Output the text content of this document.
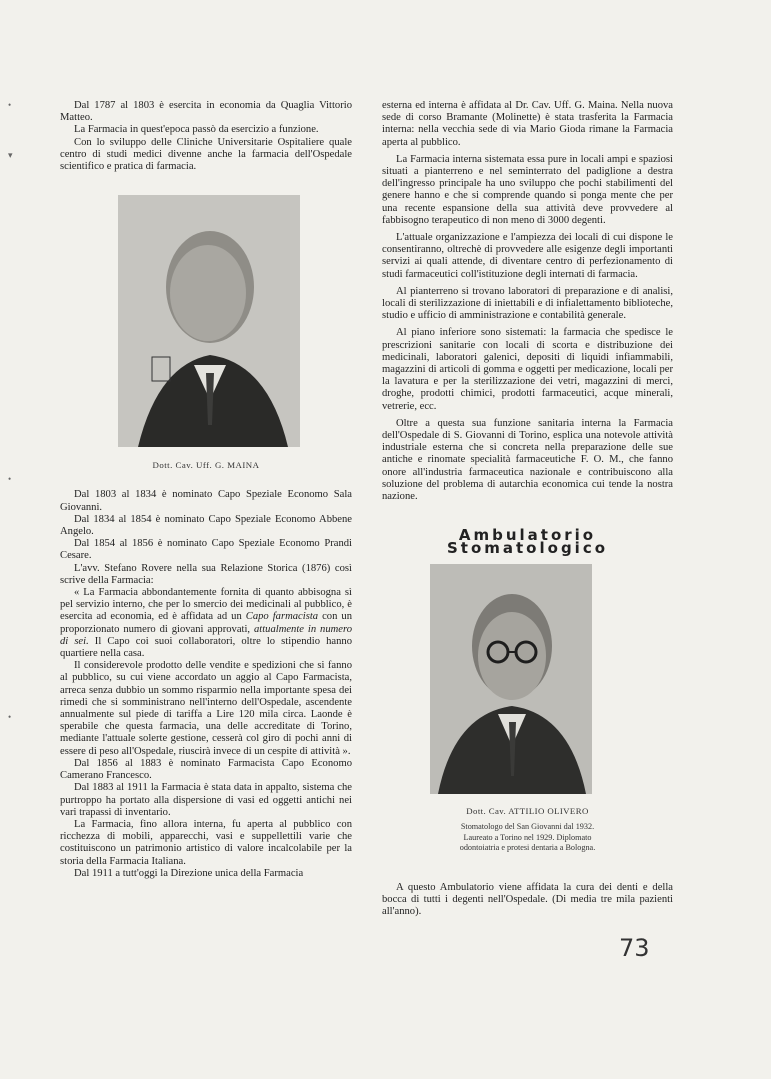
•
▾
•
•

Dal 1787 al 1803 è esercita in economia da Quaglia Vittorio Matteo.

La Farmacia in quest'epoca passò da esercizio a funzione.

Con lo sviluppo delle Cliniche Universitarie Ospitaliere quale centro di studi medici divenne anche la farmacia dell'Ospedale scientifico e pratica di farmacia.

Dott. Cav. Uff. G. MAINA

Dal 1803 al 1834 è nominato Capo Speziale Economo Sala Giovanni.

Dal 1834 al 1854 è nominato Capo Speziale Economo Abbene Angelo.

Dal 1854 al 1856 è nominato Capo Speziale Economo Prandi Cesare.

L'avv. Stefano Rovere nella sua Relazione Storica (1876) così scrive della Farmacia:

« La Farmacia abbondantemente fornita di quanto abbisogna sì pel servizio interno, che per lo smercio dei medicinali al pubblico, è esercita ad economia, ed è affidata ad un Capo farmacista con un proporzionato numero di giovani approvati, attualmente in numero di sei. Il Capo coi suoi collaboratori, oltre lo stipendio hanno quartiere nella casa.

Il considerevole prodotto delle vendite e spedizioni che si fanno al pubblico, su cui viene accordato un aggio al Capo Farmacista, arreca senza dubbio un sommo risparmio nella importante spesa dei rimedi che si somministrano nell'interno dell'Ospedale, ascendente annualmente sul piede di tariffa a Lire 120 mila circa. Laonde è sperabile che questa farmacia, una delle accreditate di Torino, mediante l'attuale solerte gestione, cesserà col giro di pochi anni di essere di peso all'Ospedale, riuscirà invece di un cespite di attività ».

Dal 1856 al 1883 è nominato Farmacista Capo Economo Camerano Francesco.

Dal 1883 al 1911 la Farmacia è stata data in appalto, sistema che purtroppo ha portato alla dispersione di vasi ed oggetti antichi nei vari trapassi di inventario.

La Farmacia, fino allora interna, fu aperta al pubblico con ricchezza di mobili, apparecchi, vasi e suppellettili varie che costituiscono un patrimonio artistico di valore incalcolabile per la storia della Farmacia Italiana.

Dal 1911 a tutt'oggi la Direzione unica della Farmacia

esterna ed interna è affidata al Dr. Cav. Uff. G. Maina. Nella nuova sede di corso Bramante (Molinette) è stata trasferita la Farmacia interna: nella vecchia sede di via Mario Gioda rimane la Farmacia aperta al pubblico.

La Farmacia interna sistemata essa pure in locali ampi e spaziosi situati a pianterreno e nel seminterrato del padiglione a destra dell'ingresso principale ha uno sviluppo che pochi stabilimenti del genere hanno e che si comprende quando si ponga mente che per una recente espansione della sua attività deve provvedere al fabbisogno terapeutico di non meno di 3000 degenti.

L'attuale organizzazione e l'ampiezza dei locali di cui dispone le consentiranno, oltrechè di provvedere alle esigenze degli importanti servizi ai quali attende, di diventare centro di perfezionamento di studi farmaceutici coll'istituzione degli internati di farmacia.

Al pianterreno si trovano laboratori di preparazione e di analisi, locali di sterilizzazione di iniettabili e di infialettamento biblioteche, studio e ufficio di amministrazione e contabilità generale.

Al piano inferiore sono sistemati: la farmacia che spedisce le prescrizioni sanitarie con locali di scorta e distribuzione dei medicinali, laboratori galenici, depositi di liquidi infiammabili, magazzini di articoli di gomma e oggetti per medicazione, locali per la lavatura e per la sterilizzazione dei vetri, magazzini di merci, droghe, prodotti chimici, prodotti farmaceutici, acque minerali, vetrerie, ecc.

Oltre a questa sua funzione sanitaria interna la Farmacia dell'Ospedale di S. Giovanni di Torino, esplica una notevole attività industriale esterna che si concreta nella preparazione delle sue antiche e rinomate specialità farmaceutiche F. O. M., che fanno onore all'industria farmaceutica nazionale e contribuiscono alla soluzione del problema di autarchia economica cui tende la nostra nazione.

Ambulatorio Stomatologico
Dott. Cav. ATTILIO OLIVERO
Stomatologo del San Giovanni dal 1932.
Laureato a Torino nel 1929. Diplomato
odontoiatria e protesi dentaria a Bologna.

A questo Ambulatorio viene affidata la cura dei denti e della bocca di tutti i degenti nell'Ospedale. (Di media tre mila pazienti all'anno).

73
